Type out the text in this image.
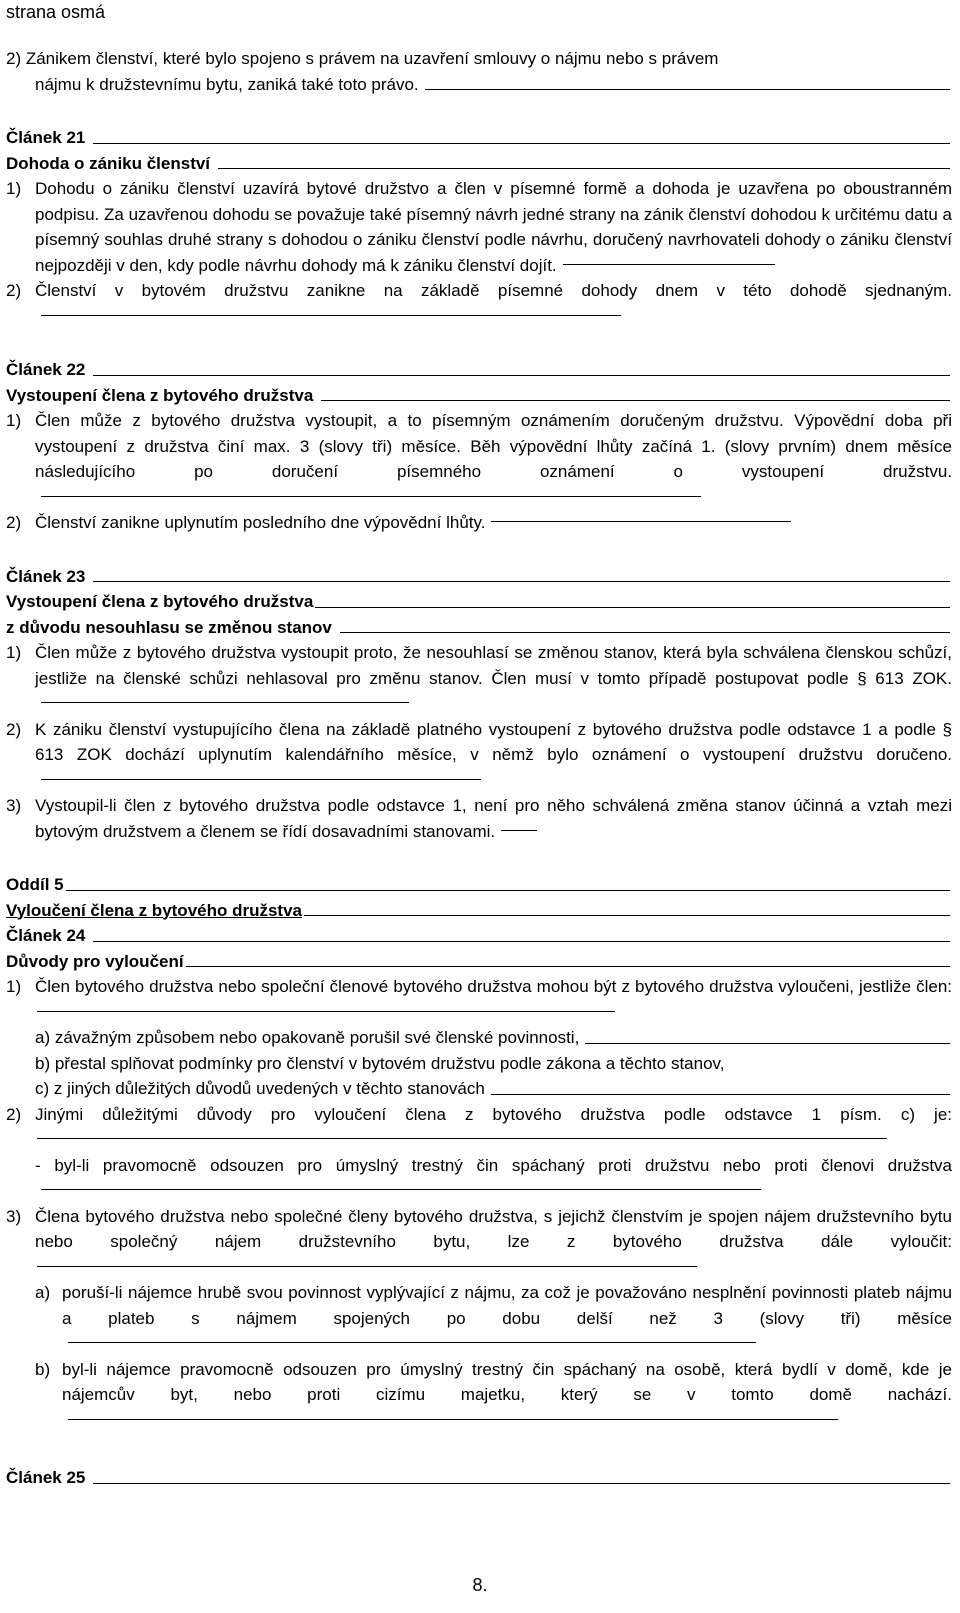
strana osmá

2) Zánikem členství, které bylo spojeno s právem na uzavření smlouvy o nájmu nebo s právem

nájmu k družstevnímu bytu, zaniká také toto právo.
Článek 21
Dohoda o zániku členství
1) Dohodu o zániku členství uzavírá bytové družstvo a člen v písemné formě a dohoda je uzavřena po oboustranném podpisu. Za uzavřenou dohodu se považuje také písemný návrh jedné strany na zánik členství dohodou k určitému datu a písemný souhlas druhé strany s dohodou o zániku členství podle návrhu, doručený navrhovateli dohody o zániku členství nejpozději v den, kdy podle návrhu dohody má k zániku členství dojít.
2) Členství v bytovém družstvu zanikne na základě písemné dohody dnem v této dohodě sjednaným.
Článek 22
Vystoupení člena z bytového družstva
1) Člen může z bytového družstva vystoupit, a to písemným oznámením doručeným družstvu. Výpovědní doba při vystoupení z družstva činí max. 3 (slovy tři) měsíce. Běh výpovědní lhůty začíná 1. (slovy prvním) dnem měsíce následujícího po doručení písemného oznámení o vystoupení družstvu.
2) Členství zanikne uplynutím posledního dne výpovědní lhůty.
Článek 23
Vystoupení člena z bytového družstva
z důvodu nesouhlasu se změnou stanov
1) Člen může z bytového družstva vystoupit proto, že nesouhlasí se změnou stanov, která byla schválena členskou schůzí, jestliže na členské schůzi nehlasoval pro změnu stanov. Člen musí v tomto případě postupovat podle § 613 ZOK.
2) K zániku členství vystupujícího člena na základě platného vystoupení z bytového družstva podle odstavce 1 a podle § 613 ZOK dochází uplynutím kalendářního měsíce, v němž bylo oznámení o vystoupení družstvu doručeno.
3) Vystoupil-li člen z bytového družstva podle odstavce 1, není pro něho schválená změna stanov účinná a vztah mezi bytovým družstvem a členem se řídí dosavadními stanovami.
Oddíl 5
Vyloučení člena z bytového družstva
Článek 24
Důvody pro vyloučení
1) Člen bytového družstva nebo společní členové bytového družstva mohou být z bytového družstva vyloučeni, jestliže člen:
a) závažným způsobem nebo opakovaně porušil své členské povinnosti,
b) přestal splňovat podmínky pro členství v bytovém družstvu podle zákona a těchto stanov,
c) z jiných důležitých důvodů uvedených v těchto stanovách
2) Jinými důležitými důvody pro vyloučení člena z bytového družstva podle odstavce 1 písm. c) je:
- byl-li pravomocně odsouzen pro úmyslný trestný čin spáchaný proti družstvu nebo proti členovi družstva
3) Člena bytového družstva nebo společné členy bytového družstva, s jejichž členstvím je spojen nájem družstevního bytu nebo společný nájem družstevního bytu, lze z bytového družstva dále vyloučit:
a) poruší-li nájemce hrubě svou povinnost vyplývající z nájmu, za což je považováno nesplnění povinnosti plateb nájmu a plateb s nájmem spojených po dobu delší než 3 (slovy tři) měsíce
b) byl-li nájemce pravomocně odsouzen pro úmyslný trestný čin spáchaný na osobě, která bydlí v domě, kde je nájemcův byt, nebo proti cizímu majetku, který se v tomto domě nachází.
Článek 25
8.
